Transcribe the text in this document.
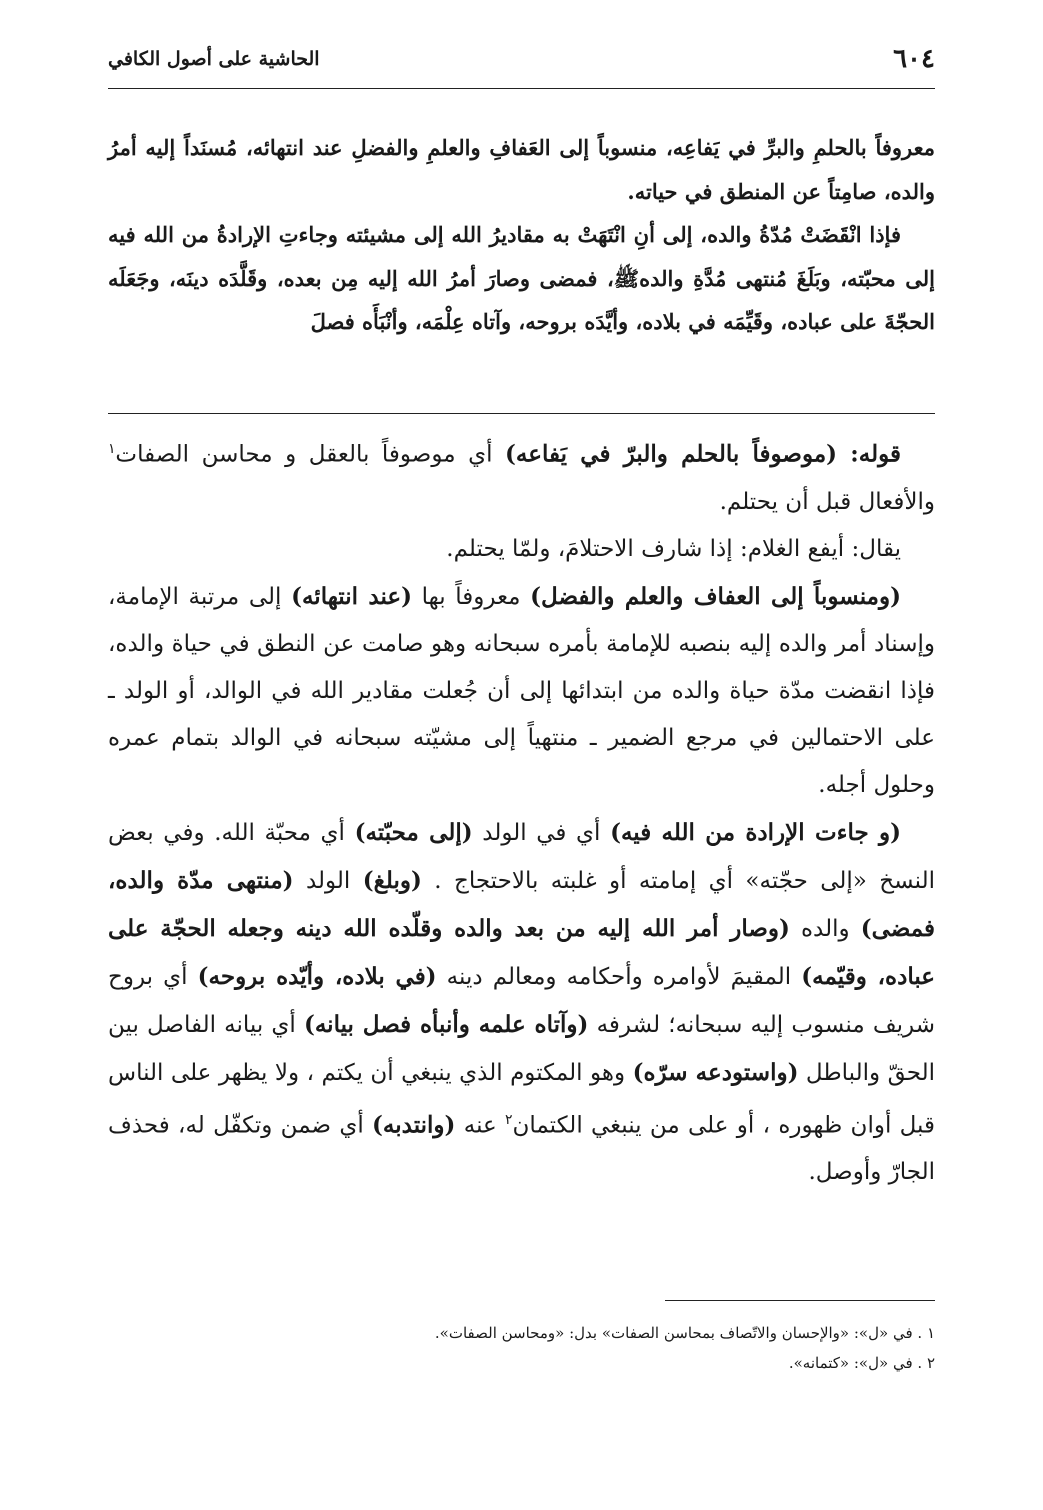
٦٠٤
الحاشية على أصول الكافي

معروفاً بالحلمِ والبرِّ في يَفاعِه، منسوباً إلى العَفافِ والعلمِ والفضلِ عند انتهائه، مُسنَداً إليه أمرُ والده، صامِتاً عن المنطق في حياته.

فإذا انْقَضَتْ مُدّةُ والده، إلى أنِ انْتَهَتْ به مقاديرُ الله إلى مشيئته وجاءتِ الإرادةُ من الله فيه إلى محبّته، وبَلَغَ مُنتهى مُدَّةِ والدهﷺ، فمضى وصارَ أمرُ الله إليه مِن بعده، وقَلَّدَه دينَه، وجَعَلَه الحجّةَ على عباده، وقَيِّمَه في بلاده، وأيَّدَه بروحه، وآتاه عِلْمَه، وأنْبَأَه فصلَ

قوله: (موصوفاً بالحلم والبرّ في يَفاعه) أي موصوفاً بالعقل و محاسن الصفات$^١$ والأفعال قبل أن يحتلم.

يقال: أيفع الغلام: إذا شارف الاحتلامَ، ولمّا يحتلم.

(ومنسوباً إلى العفاف والعلم والفضل) معروفاً بها (عند انتهائه) إلى مرتبة الإمامة، وإسناد أمر والده إليه بنصبه للإمامة بأمره سبحانه وهو صامت عن النطق في حياة والده، فإذا انقضت مدّة حياة والده من ابتدائها إلى أن جُعلت مقادير الله في الوالد، أو الولد ـ على الاحتمالين في مرجع الضمير ـ منتهياً إلى مشيّته سبحانه في الوالد بتمام عمره وحلول أجله.

(و جاءت الإرادة من الله فيه) أي في الولد (إلى محبّته) أي محبّة الله. وفي بعض النسخ «إلى حجّته» أي إمامته أو غلبته بالاحتجاج . (وبلغ) الولد (منتهى مدّة والده، فمضى) والده (وصار أمر الله إليه من بعد والده وقلّده الله دينه وجعله الحجّة على عباده، وقيّمه) المقيمَ لأوامره وأحكامه ومعالم دينه (في بلاده، وأيّده بروحه) أي بروح شريف منسوب إليه سبحانه؛ لشرفه (وآتاه علمه وأنبأه فصل بيانه) أي بيانه الفاصل بين الحقّ والباطل (واستودعه سرّه) وهو المكتوم الذي ينبغي أن يكتم ، ولا يظهر على الناس قبل أوان ظهوره ، أو على من ينبغي الكتمان$^٢$ عنه (وانتدبه) أي ضمن وتكفّل له، فحذف الجارّ وأوصل.

١ . في «ل»: «والإحسان والاتّصاف بمحاسن الصفات» بدل: «ومحاسن الصفات».

٢ . في «ل»: «كتمانه».
